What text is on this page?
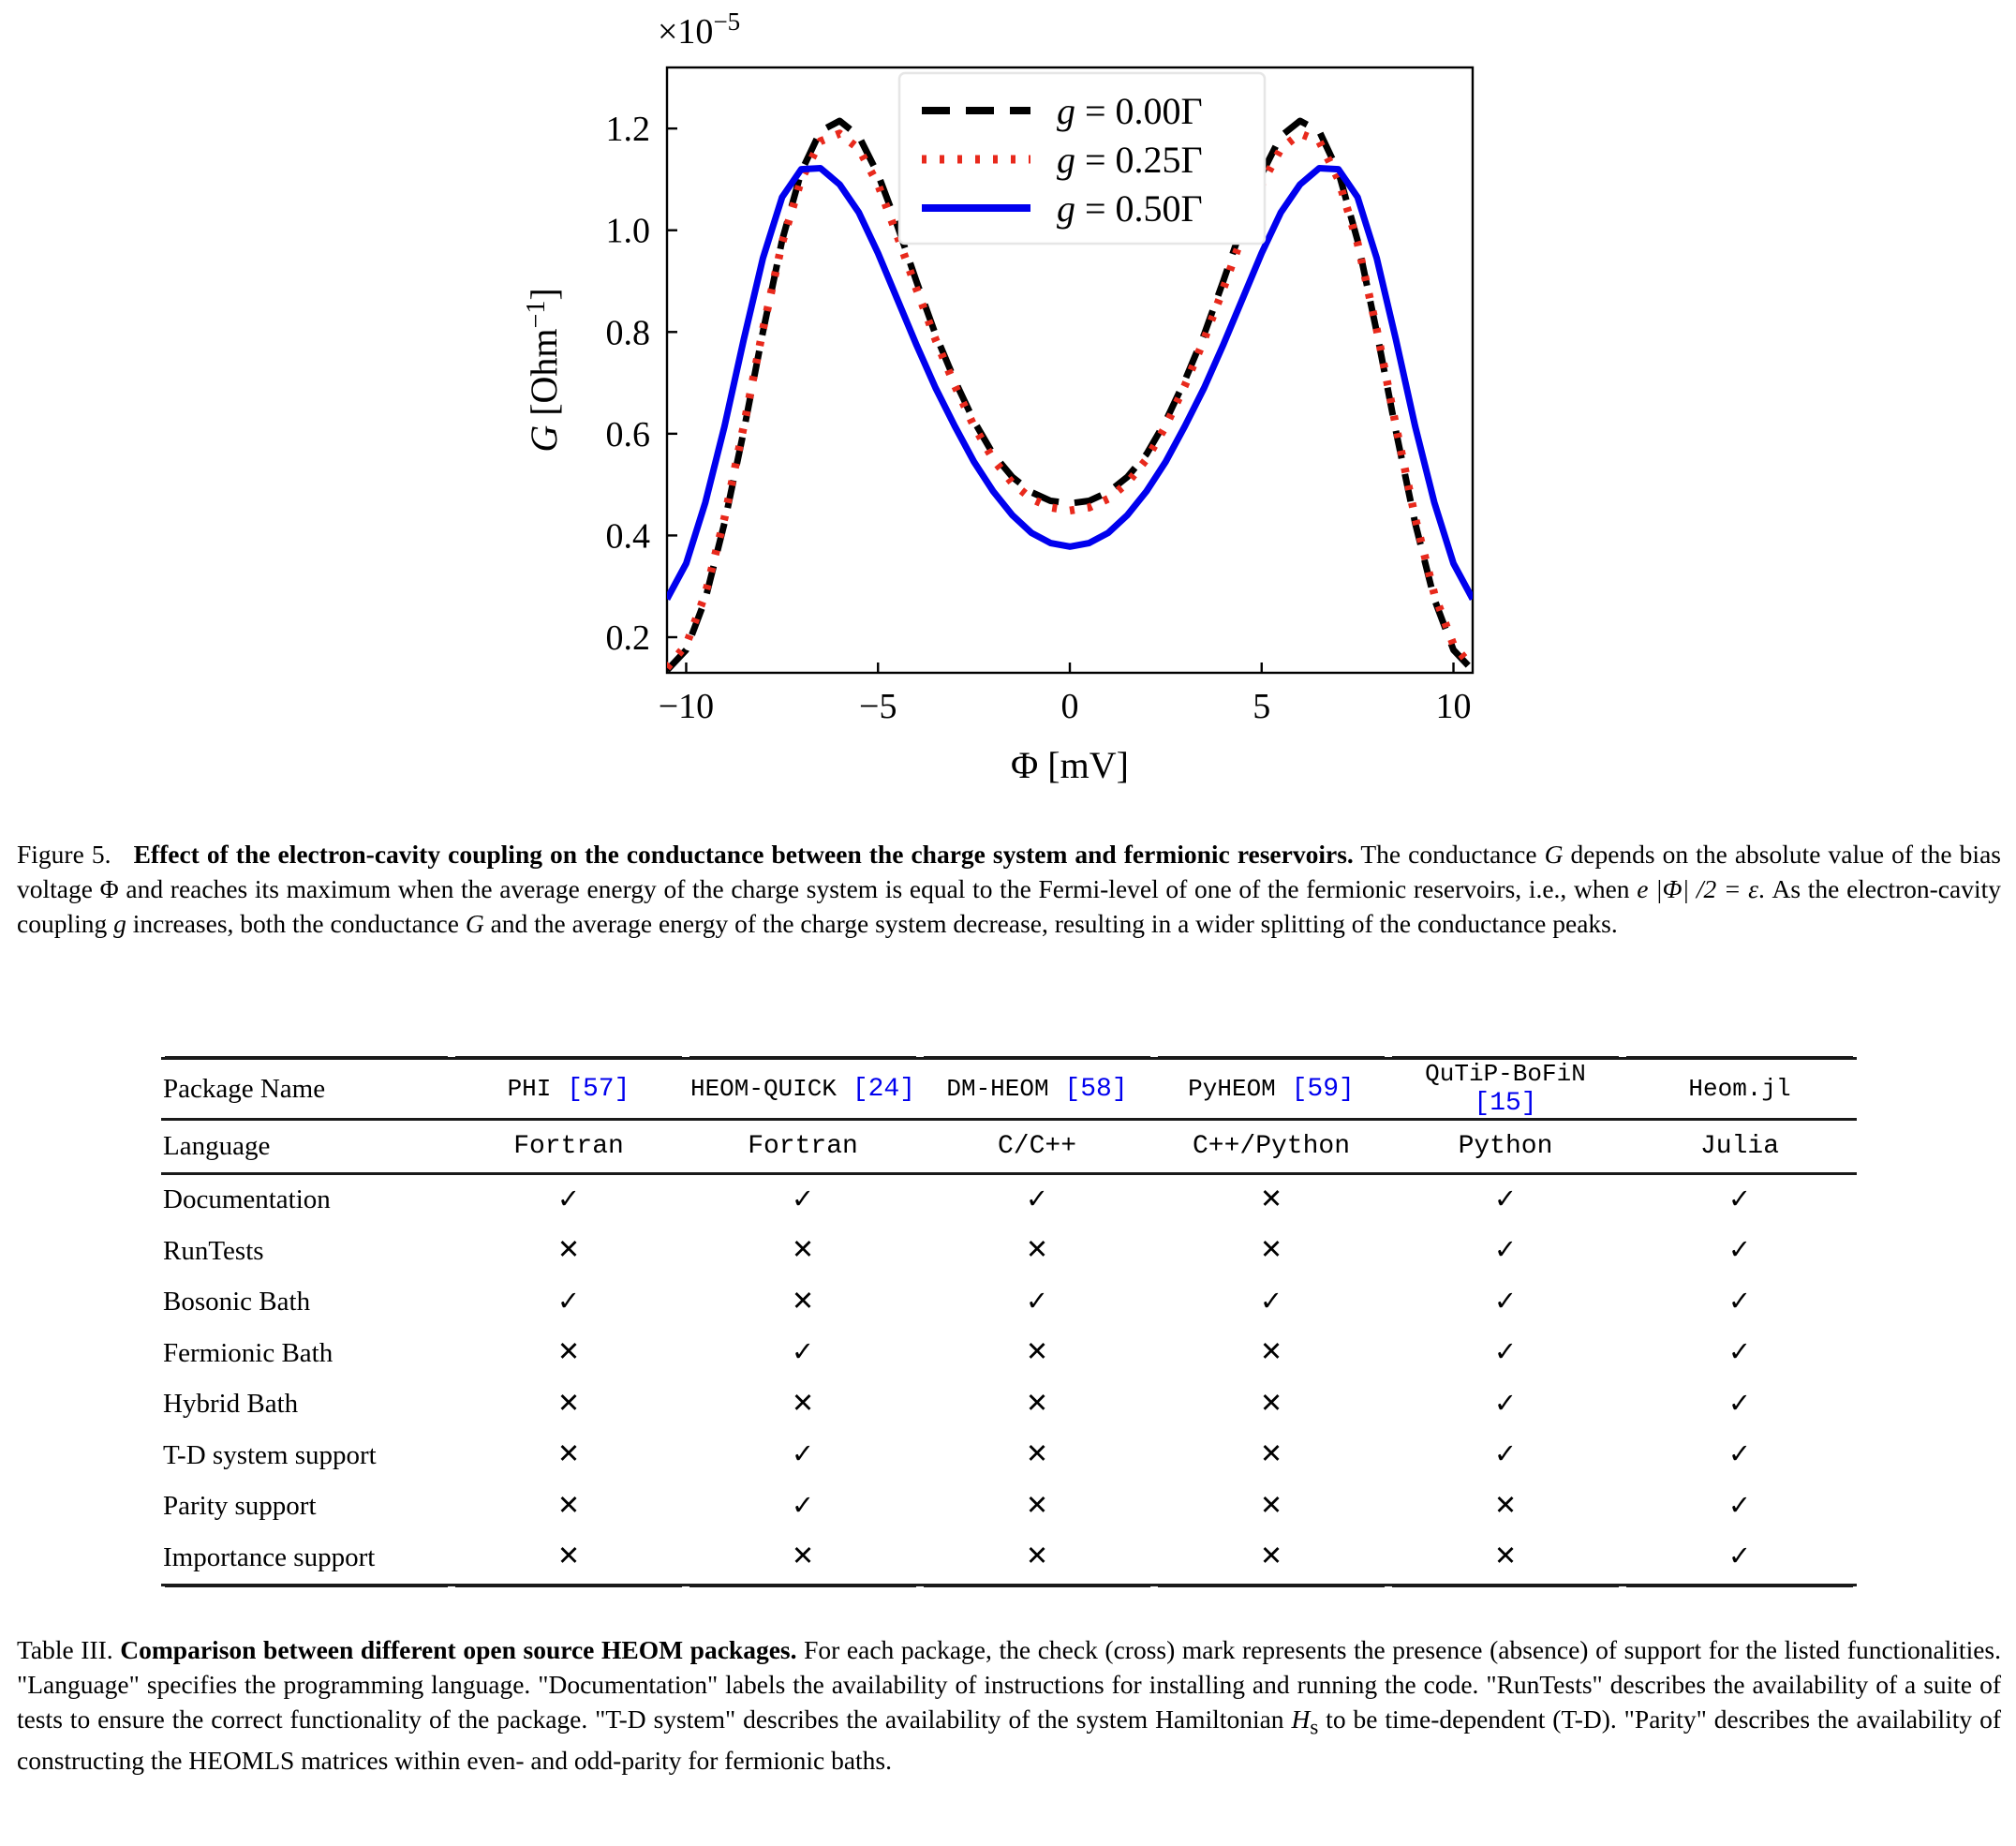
$\times 10^{-5}$
0.2
0.4
0.6
0.8
1.0
1.2
−10	−5	0	5	10
Φ [mV]
G [Ohm$^{-1}$]
g = 0.00Γ
g = 0.25Γ
g = 0.50Γ
Figure 5. Effect of the electron-cavity coupling on the conductance between the charge system and fermionic reservoirs. The conductance G depends on the absolute value of the bias voltage Φ and reaches its maximum when the average energy of the charge system is equal to the Fermi-level of one of the fermionic reservoirs, i.e., when e |Φ| /2 = ε. As the electron-cavity coupling g increases, both the conductance G and the average energy of the charge system decrease, resulting in a wider splitting of the conductance peaks.
Package Name	PHI [57]	HEOM-QUICK [24]	DM-HEOM [58]	PyHEOM [59]	QuTiP-BoFiN [15]	Heom.jl
Language	Fortran	Fortran	C/C++	C++/Python	Python	Julia
Documentation	✓	✓	✓	✕	✓	✓
RunTests	✕	✕	✕	✕	✓	✓
Bosonic Bath	✓	✕	✓	✓	✓	✓
Fermionic Bath	✕	✓	✕	✕	✓	✓
Hybrid Bath	✕	✕	✕	✕	✓	✓
T-D system support	✕	✓	✕	✕	✓	✓
Parity support	✕	✓	✕	✕	✕	✓
Importance support	✕	✕	✕	✕	✕	✓
Table III. Comparison between different open source HEOM packages. For each package, the check (cross) mark represents the presence (absence) of support for the listed functionalities. "Language" specifies the programming language. "Documentation" labels the availability of instructions for installing and running the code. "RunTests" describes the availability of a suite of tests to ensure the correct functionality of the package. "T-D system" describes the availability of the system Hamiltonian $H_s$ to be time-dependent (T-D). "Parity" describes the availability of constructing the HEOMLS matrices within even- and odd-parity for fermionic baths.
